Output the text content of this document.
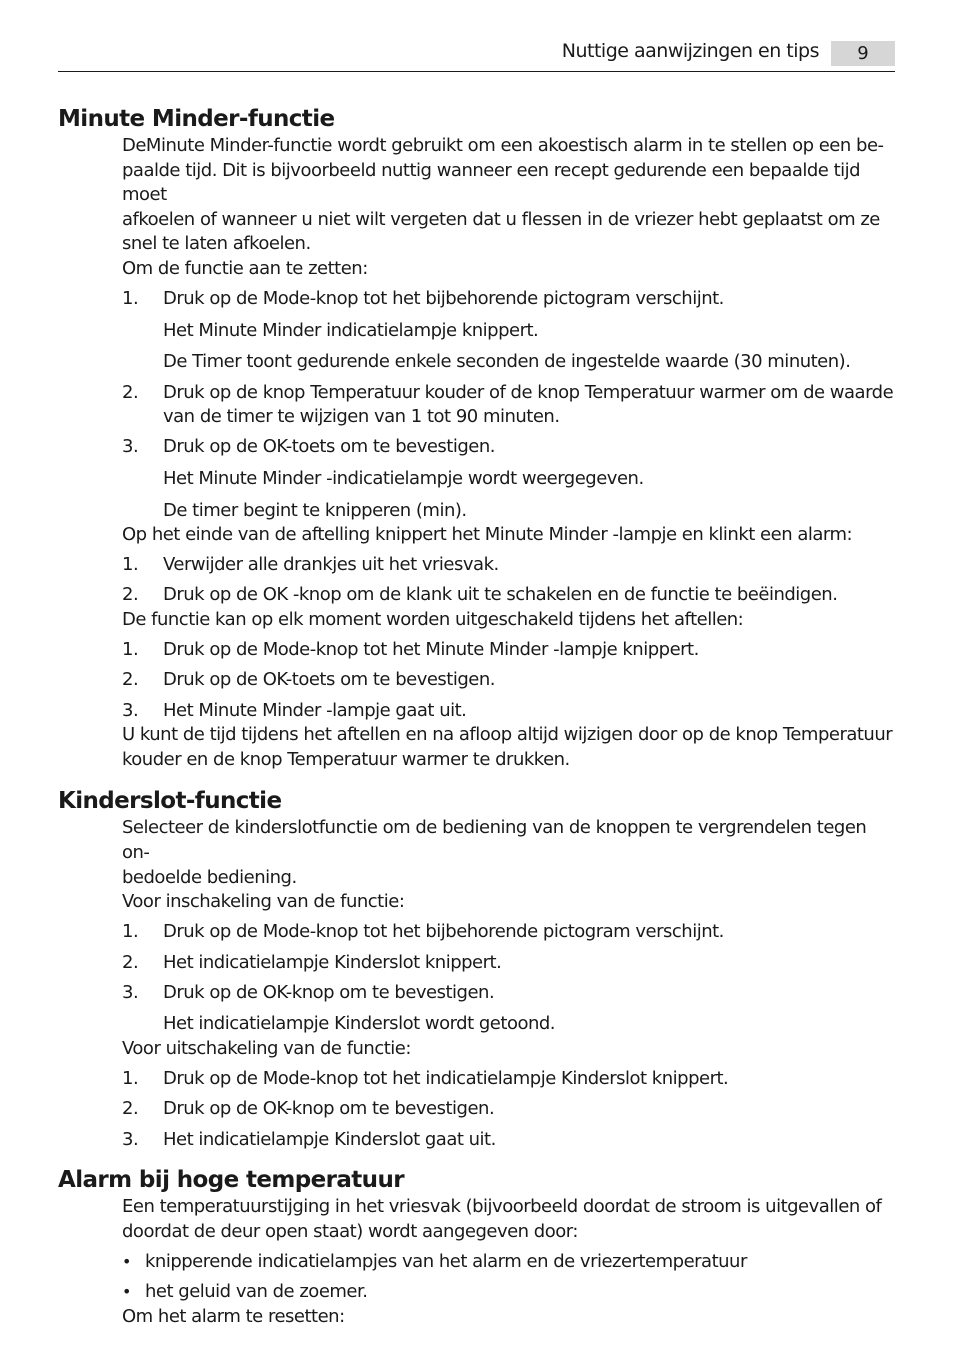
Nuttige aanwijzingen en tips	9
Minute Minder-functie
DeMinute Minder-functie wordt gebruikt om een akoestisch alarm in te stellen op een be-
paalde tijd. Dit is bijvoorbeeld nuttig wanneer een recept gedurende een bepaalde tijd moet
afkoelen of wanneer u niet wilt vergeten dat u flessen in de vriezer hebt geplaatst om ze
snel te laten afkoelen.
Om de functie aan te zetten:
1. Druk op de Mode-knop tot het bijbehorende pictogram verschijnt.
Het Minute Minder indicatielampje knippert.
De Timer toont gedurende enkele seconden de ingestelde waarde (30 minuten).
2. Druk op de knop Temperatuur kouder of de knop Temperatuur warmer om de waarde
van de timer te wijzigen van 1 tot 90 minuten.
3. Druk op de OK-toets om te bevestigen.
Het Minute Minder -indicatielampje wordt weergegeven.
De timer begint te knipperen (min).
Op het einde van de aftelling knippert het Minute Minder -lampje en klinkt een alarm:
1. Verwijder alle drankjes uit het vriesvak.
2. Druk op de OK -knop om de klank uit te schakelen en de functie te beëindigen.
De functie kan op elk moment worden uitgeschakeld tijdens het aftellen:
1. Druk op de Mode-knop tot het Minute Minder -lampje knippert.
2. Druk op de OK-toets om te bevestigen.
3. Het Minute Minder -lampje gaat uit.
U kunt de tijd tijdens het aftellen en na afloop altijd wijzigen door op de knop Temperatuur
kouder en de knop Temperatuur warmer te drukken.
Kinderslot-functie
Selecteer de kinderslotfunctie om de bediening van de knoppen te vergrendelen tegen on-
bedoelde bediening.
Voor inschakeling van de functie:
1. Druk op de Mode-knop tot het bijbehorende pictogram verschijnt.
2. Het indicatielampje Kinderslot knippert.
3. Druk op de OK-knop om te bevestigen.
Het indicatielampje Kinderslot wordt getoond.
Voor uitschakeling van de functie:
1. Druk op de Mode-knop tot het indicatielampje Kinderslot knippert.
2. Druk op de OK-knop om te bevestigen.
3. Het indicatielampje Kinderslot gaat uit.
Alarm bij hoge temperatuur
Een temperatuurstijging in het vriesvak (bijvoorbeeld doordat de stroom is uitgevallen of
doordat de deur open staat) wordt aangegeven door:
• knipperende indicatielampjes van het alarm en de vriezertemperatuur
• het geluid van de zoemer.
Om het alarm te resetten:
